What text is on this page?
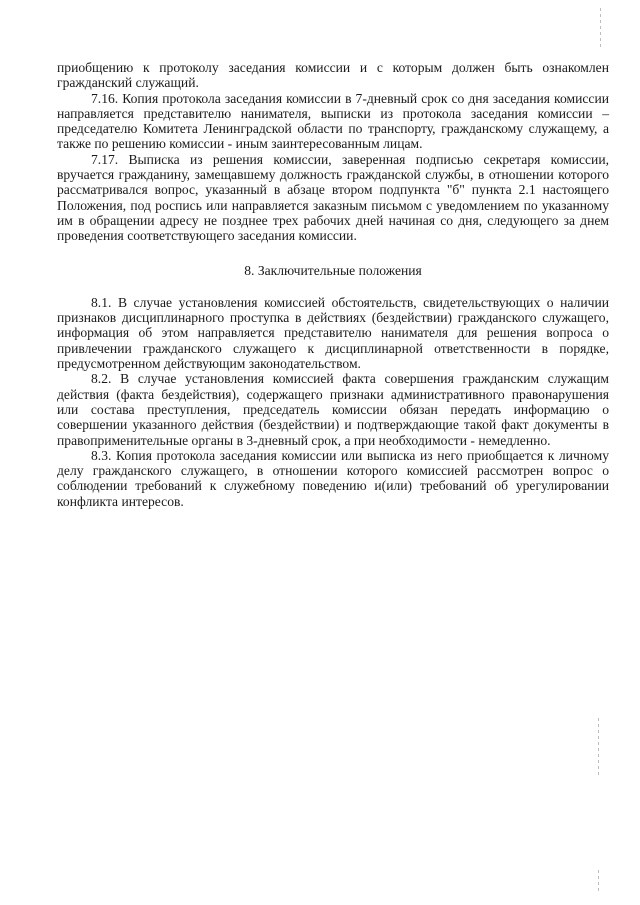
приобщению к протоколу заседания комиссии и с которым должен быть ознакомлен гражданский служащий.

7.16. Копия протокола заседания комиссии в 7-дневный срок со дня заседания комиссии направляется представителю нанимателя, выписки из протокола заседания комиссии – председателю Комитета Ленинградской области по транспорту, гражданскому служащему, а также по решению комиссии - иным заинтересованным лицам.

7.17. Выписка из решения комиссии, заверенная подписью секретаря комиссии, вручается гражданину, замещавшему должность гражданской службы, в отношении которого рассматривался вопрос, указанный в абзаце втором подпункта "б" пункта 2.1 настоящего Положения, под роспись или направляется заказным письмом с уведомлением по указанному им в обращении адресу не позднее трех рабочих дней начиная со дня, следующего за днем проведения соответствующего заседания комиссии.

8. Заключительные положения

8.1. В случае установления комиссией обстоятельств, свидетельствующих о наличии признаков дисциплинарного проступка в действиях (бездействии) гражданского служащего, информация об этом направляется представителю нанимателя для решения вопроса о привлечении гражданского служащего к дисциплинарной ответственности в порядке, предусмотренном действующим законодательством.

8.2. В случае установления комиссией факта совершения гражданским служащим действия (факта бездействия), содержащего признаки административного правонарушения или состава преступления, председатель комиссии обязан передать информацию о совершении указанного действия (бездействии) и подтверждающие такой факт документы в правоприменительные органы в 3-дневный срок, а при необходимости - немедленно.

8.3. Копия протокола заседания комиссии или выписка из него приобщается к личному делу гражданского служащего, в отношении которого комиссией рассмотрен вопрос о соблюдении требований к служебному поведению и(или) требований об урегулировании конфликта интересов.
